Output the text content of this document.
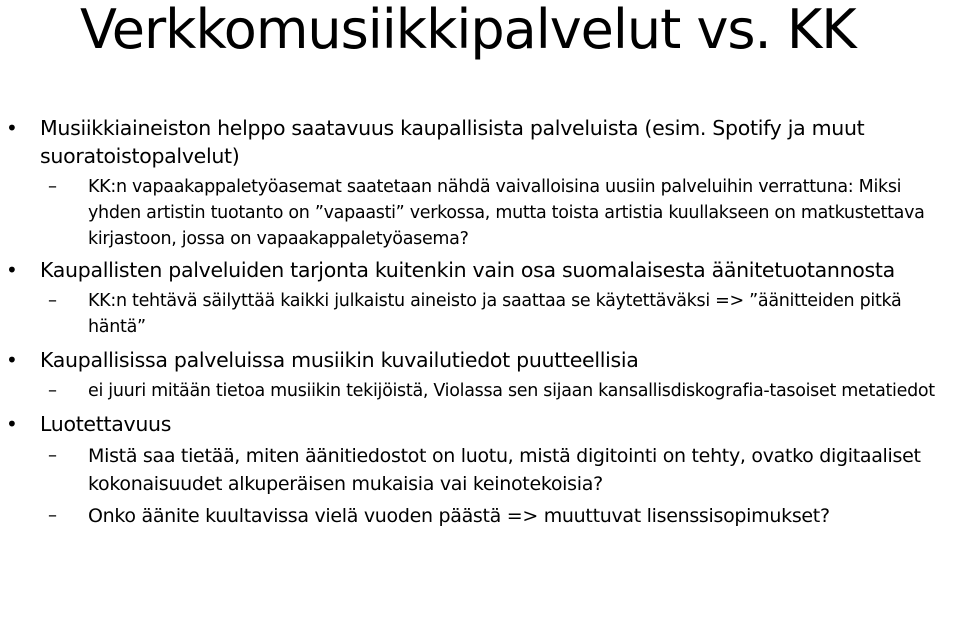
Verkkomusiikkipalvelut vs. KK
• Musiikkiaineiston helppo saatavuus kaupallisista palveluista (esim. Spotify ja muut suoratoistopalvelut)
– KK:n vapaakappaletyöasemat saatetaan nähdä vaivalloisina uusiin palveluihin verrattuna: Miksi yhden artistin tuotanto on ”vapaasti” verkossa, mutta toista artistia kuullakseen on matkustettava kirjastoon, jossa on vapaakappaletyöasema?
• Kaupallisten palveluiden tarjonta kuitenkin vain osa suomalaisesta äänitetuotannosta
– KK:n tehtävä säilyttää kaikki julkaistu aineisto ja saattaa se käytettäväksi => ”äänitteiden pitkä häntä”
• Kaupallisissa palveluissa musiikin kuvailutiedot puutteellisia
– ei juuri mitään tietoa musiikin tekijöistä, Violassa sen sijaan kansallisdiskografia-tasoiset metatiedot
• Luotettavuus
– Mistä saa tietää, miten äänitiedostot on luotu, mistä digitointi on tehty, ovatko digitaaliset kokonaisuudet alkuperäisen mukaisia vai keinotekoisia?
– Onko äänite kuultavissa vielä vuoden päästä => muuttuvat lisenssisopimukset?
